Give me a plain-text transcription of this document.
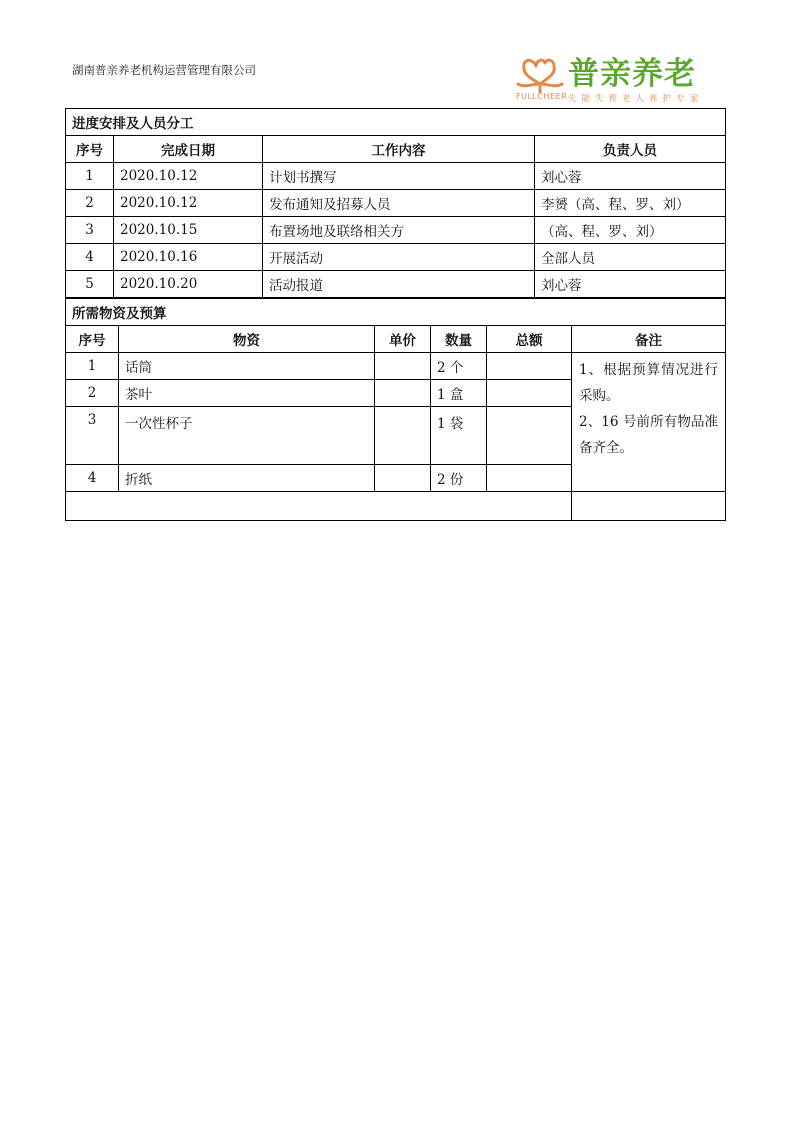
湖南普亲养老机构运营管理有限公司	普亲养老
FULLCHEER 失能失智老人养护专家
进度安排及人员分工			
序号	完成日期	工作内容	负责人员
1	2020.10.12	计划书撰写	刘心蓉
2	2020.10.12	发布通知及招募人员	李赟（高、程、罗、刘）
3	2020.10.15	布置场地及联络相关方	（高、程、罗、刘）
4	2020.10.16	开展活动	全部人员
5	2020.10.20	活动报道	刘心蓉
所需物资及预算					
序号	物资	单价	数量	总额	备注
1	话筒		2 个		1、根据预算情况进行采购。

2、16 号前所有物品准备齐全。

2	茶叶		1 盒		
3	一次性杯子		1 袋		
4	折纸		2 份		
